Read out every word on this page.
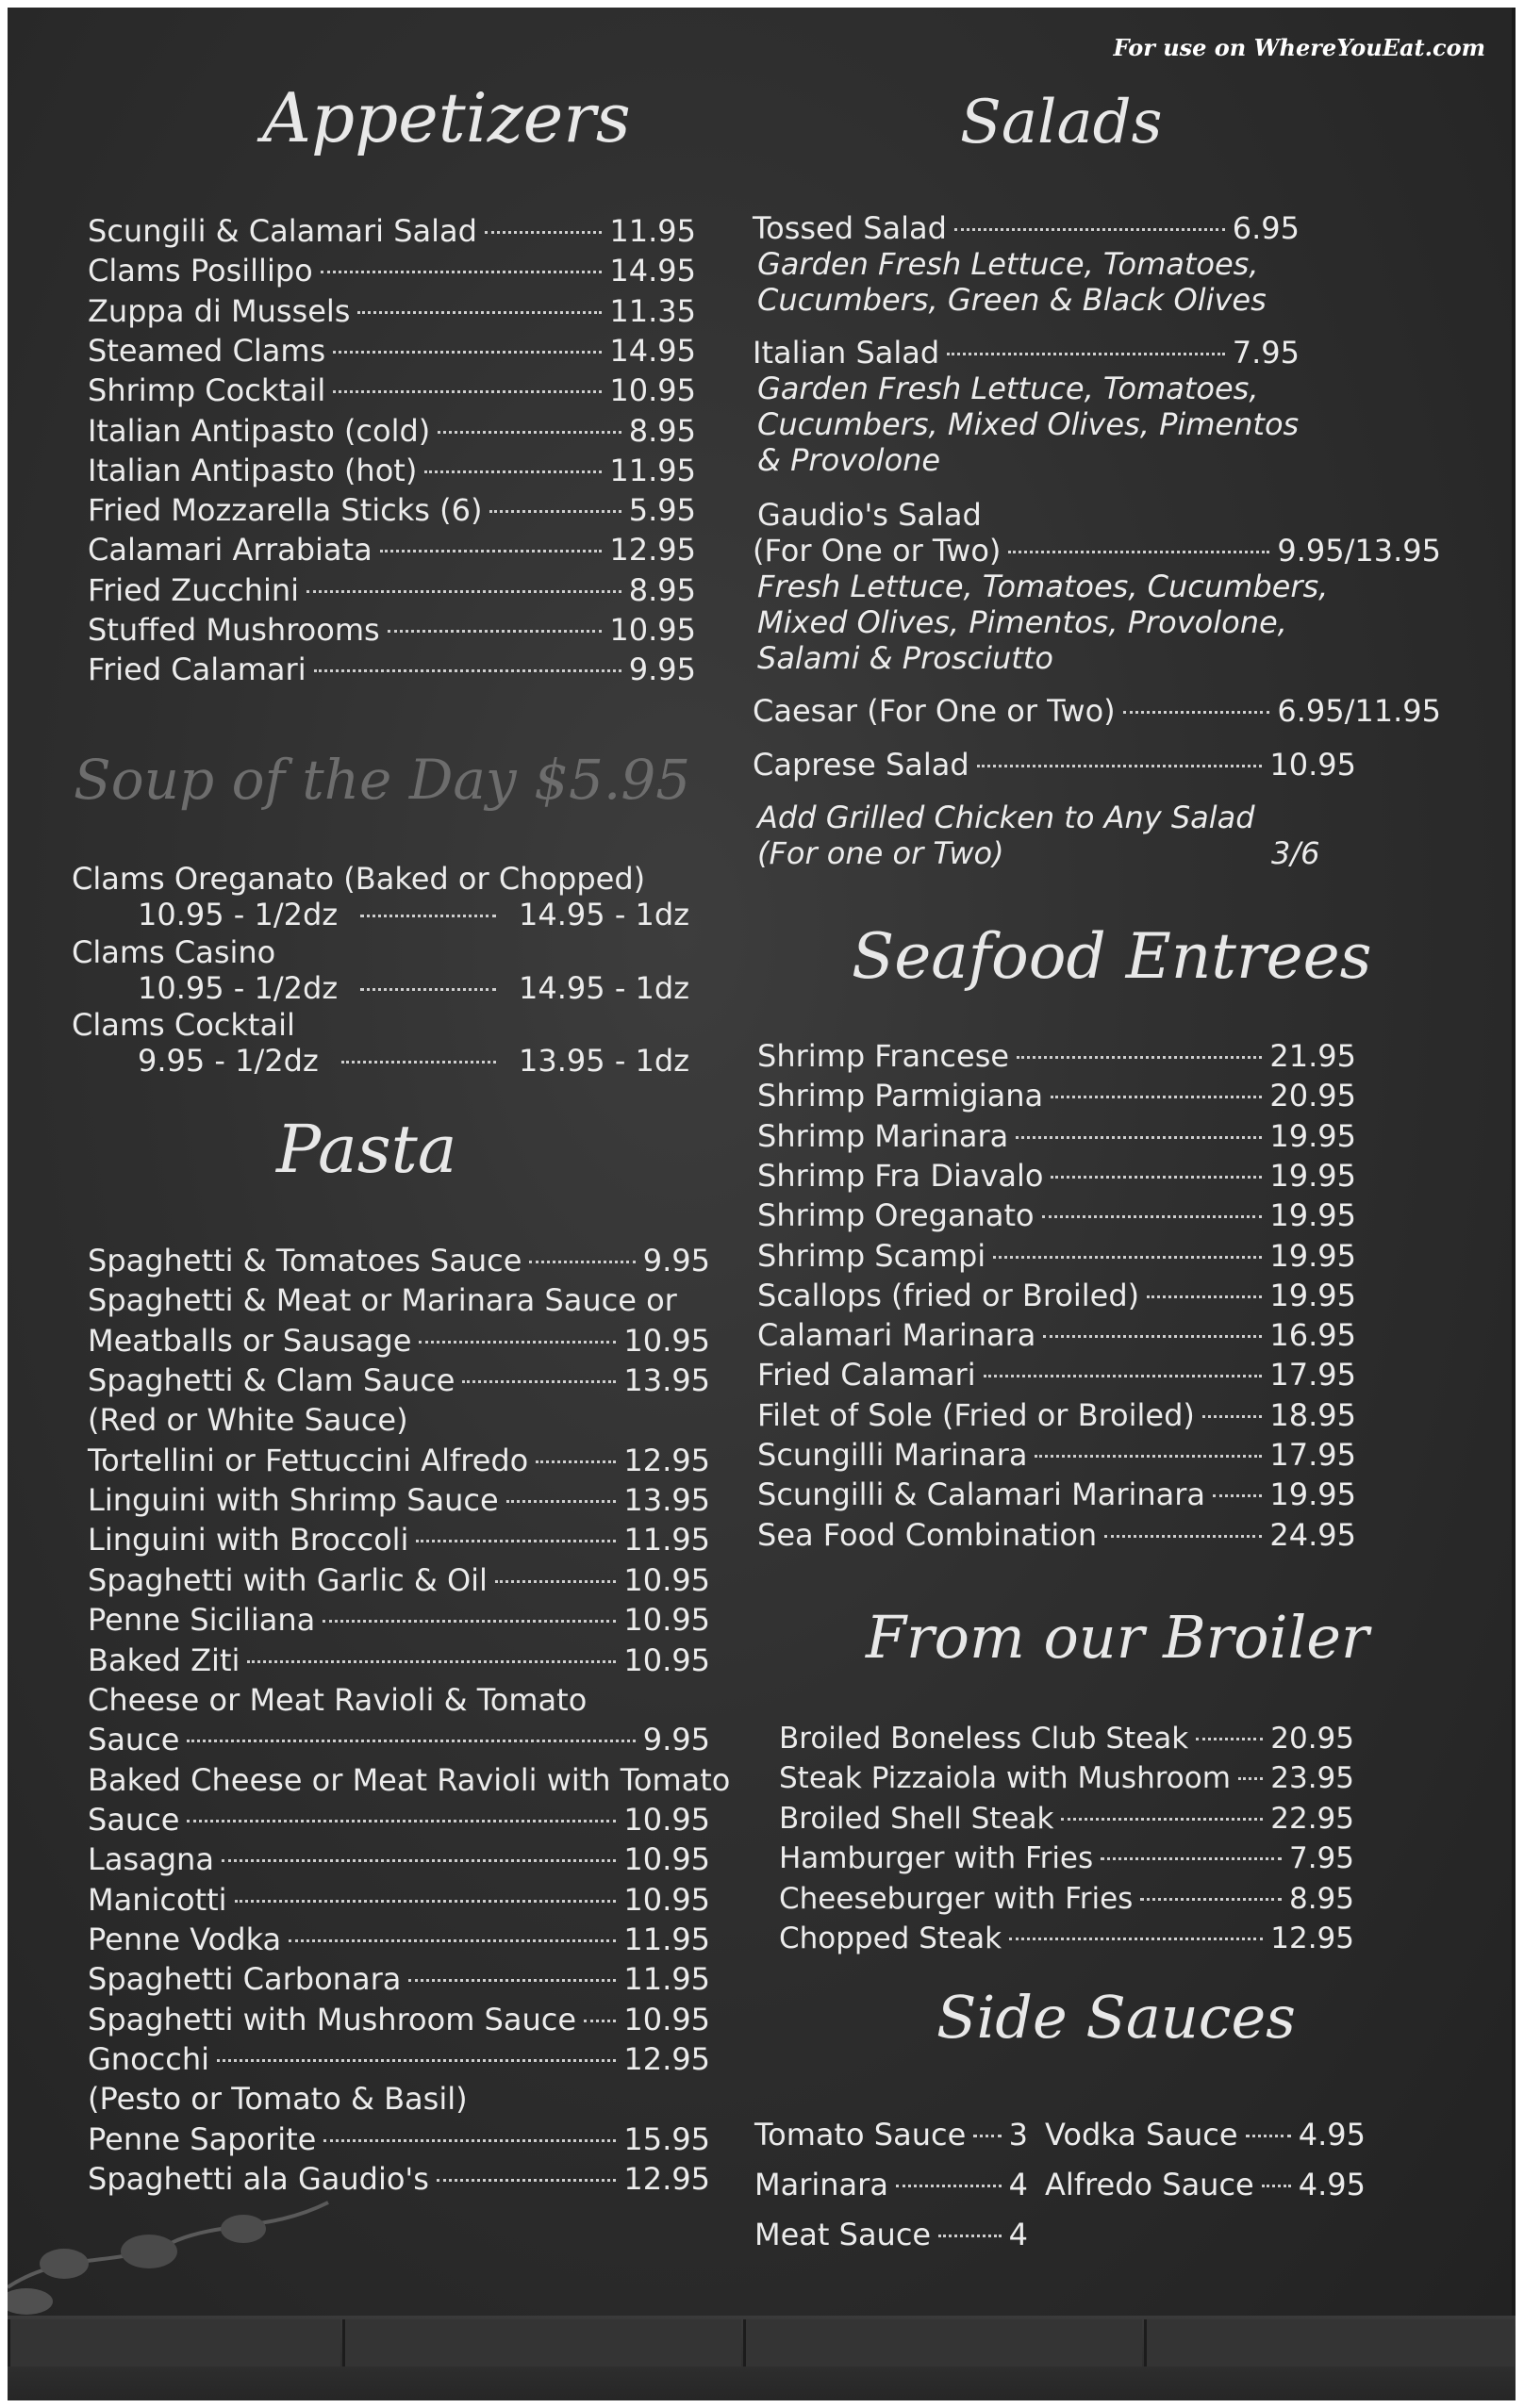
For use on WhereYouEat.com
Appetizers
Scungili & Calamari Salad	11.95
Clams Posillipo	14.95
Zuppa di Mussels	11.35
Steamed Clams	14.95
Shrimp Cocktail	10.95
Italian Antipasto (cold)	8.95
Italian Antipasto (hot)	11.95
Fried Mozzarella Sticks (6)	5.95
Calamari Arrabiata	12.95
Fried Zucchini	8.95
Stuffed Mushrooms	10.95
Fried Calamari	9.95
Soup of the Day $5.95
Clams Oreganato (Baked or Chopped)
10.95 - 1/2dz	14.95 - 1dz
Clams Casino
10.95 - 1/2dz	14.95 - 1dz
Clams Cocktail
9.95 - 1/2dz	13.95 - 1dz
Pasta
Spaghetti & Tomatoes Sauce	9.95
Spaghetti & Meat or Marinara Sauce or
Meatballs or Sausage	10.95
Spaghetti & Clam Sauce	13.95
(Red or White Sauce)
Tortellini or Fettuccini Alfredo	12.95
Linguini with Shrimp Sauce	13.95
Linguini with Broccoli	11.95
Spaghetti with Garlic & Oil	10.95
Penne Siciliana	10.95
Baked Ziti	10.95
Cheese or Meat Ravioli & Tomato
Sauce	9.95
Baked Cheese or Meat Ravioli with Tomato
Sauce	10.95
Lasagna	10.95
Manicotti	10.95
Penne Vodka	11.95
Spaghetti Carbonara	11.95
Spaghetti with Mushroom Sauce 10.95
Gnocchi	12.95
(Pesto or Tomato & Basil)
Penne Saporite	15.95
Spaghetti ala Gaudio's	12.95
Salads
Tossed Salad	6.95
Garden Fresh Lettuce, Tomatoes,
Cucumbers, Green & Black Olives
Italian Salad	7.95
Garden Fresh Lettuce, Tomatoes,
Cucumbers, Mixed Olives, Pimentos
& Provolone
Gaudio's Salad
(For One or Two)	9.95/13.95
Fresh Lettuce, Tomatoes, Cucumbers,
Mixed Olives, Pimentos, Provolone,
Salami & Prosciutto
Caesar (For One or Two)	6.95/11.95
Caprese Salad	10.95
Add Grilled Chicken to Any Salad
(For one or Two)	3/6
Seafood Entrees
Shrimp Francese	21.95
Shrimp Parmigiana	20.95
Shrimp Marinara	19.95
Shrimp Fra Diavalo	19.95
Shrimp Oreganato	19.95
Shrimp Scampi	19.95
Scallops (fried or Broiled)	19.95
Calamari Marinara	16.95
Fried Calamari	17.95
Filet of Sole (Fried or Broiled) 18.95
Scungilli Marinara	17.95
Scungilli & Calamari Marinara 19.95
Sea Food Combination	24.95
From our Broiler
Broiled Boneless Club Steak	20.95
Steak Pizzaiola with Mushroom 23.95
Broiled Shell Steak	22.95
Hamburger with Fries	7.95
Cheeseburger with Fries	8.95
Chopped Steak	12.95
Side Sauces
Tomato Sauce 3
Marinara	4
Meat Sauce	4
Vodka Sauce 4.95
Alfredo Sauce 4.95
